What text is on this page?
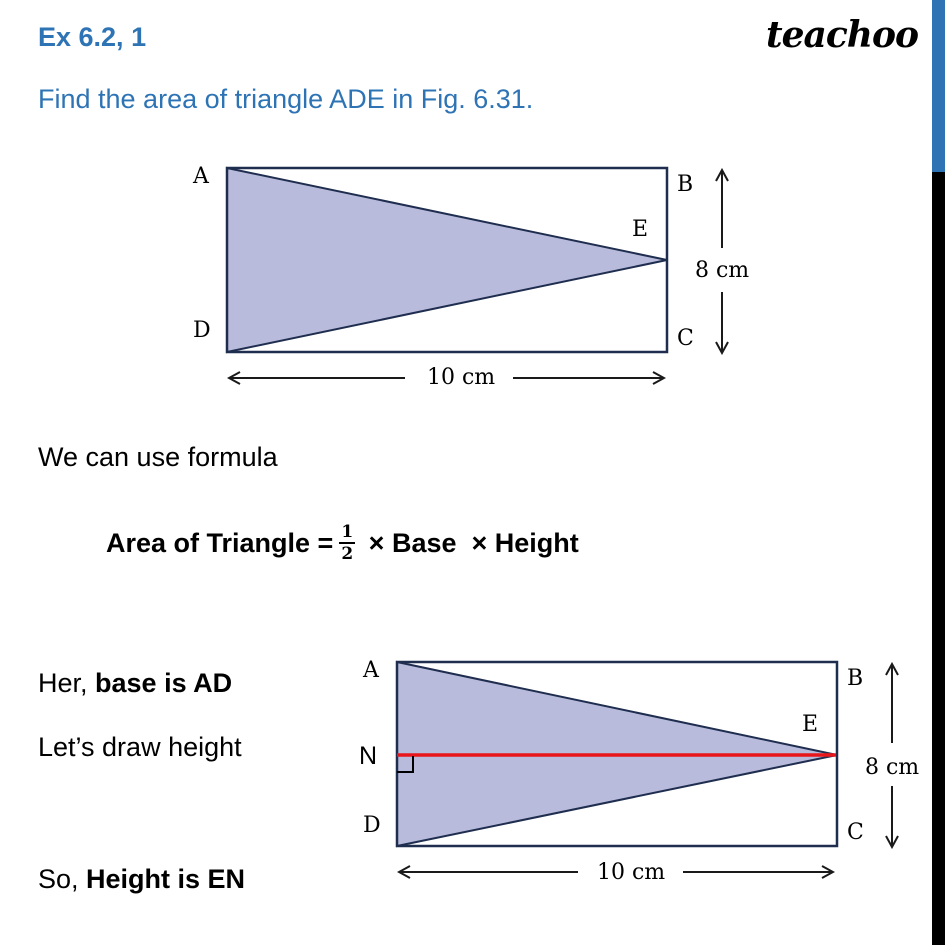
Ex 6.2, 1	teachoo
Find the area of triangle ADE in Fig. 6.31.
A	B
E
D	C
10 cm
8 cm
A	B
E
N
D	C
10 cm
8 cm
We can use formula
Area of Triangle = $\frac{1}{2}$ × Base  × Height
Her, base is AD
Let’s draw height
So, Height is EN
